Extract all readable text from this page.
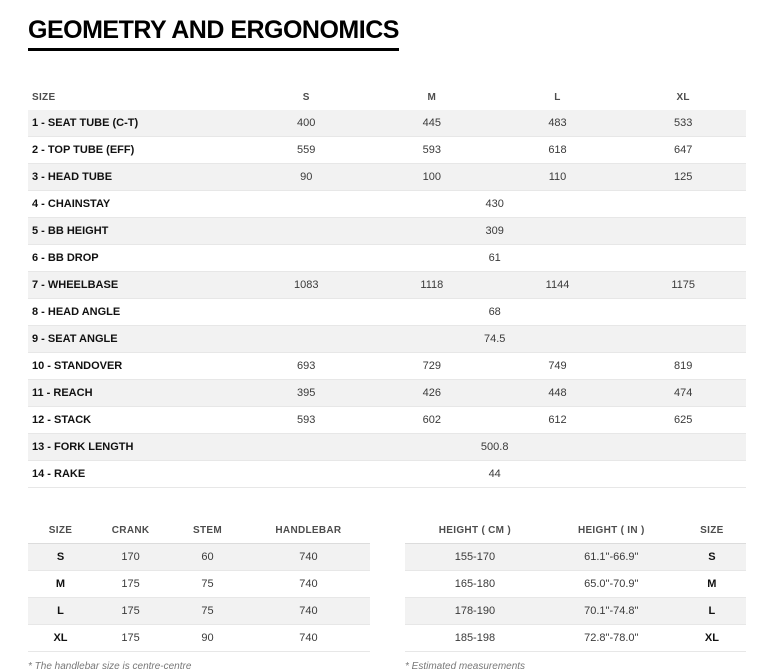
GEOMETRY AND ERGONOMICS
SIZE	S	M	L	XL
1 - SEAT TUBE (C-T)	400	445	483	533
2 - TOP TUBE (EFF)	559	593	618	647
3 - HEAD TUBE	90	100	110	125
4 - CHAINSTAY	430			
5 - BB HEIGHT	309			
6 - BB DROP	61			
7 - WHEELBASE	1083	1118	1144	1175
8 - HEAD ANGLE	68			
9 - SEAT ANGLE	74.5			
10 - STANDOVER	693	729	749	819
11 - REACH	395	426	448	474
12 - STACK	593	602	612	625
13 - FORK LENGTH	500.8			
14 - RAKE	44			
SIZE	CRANK	STEM	HANDLEBAR
S	170	60	740
M	175	75	740
L	175	75	740
XL	175	90	740
* The handlebar size is centre-centre
HEIGHT ( CM )	HEIGHT ( IN )	SIZE
155-170	61.1"-66.9"	S
165-180	65.0"-70.9"	M
178-190	70.1"-74.8"	L
185-198	72.8"-78.0"	XL
* Estimated measurements
